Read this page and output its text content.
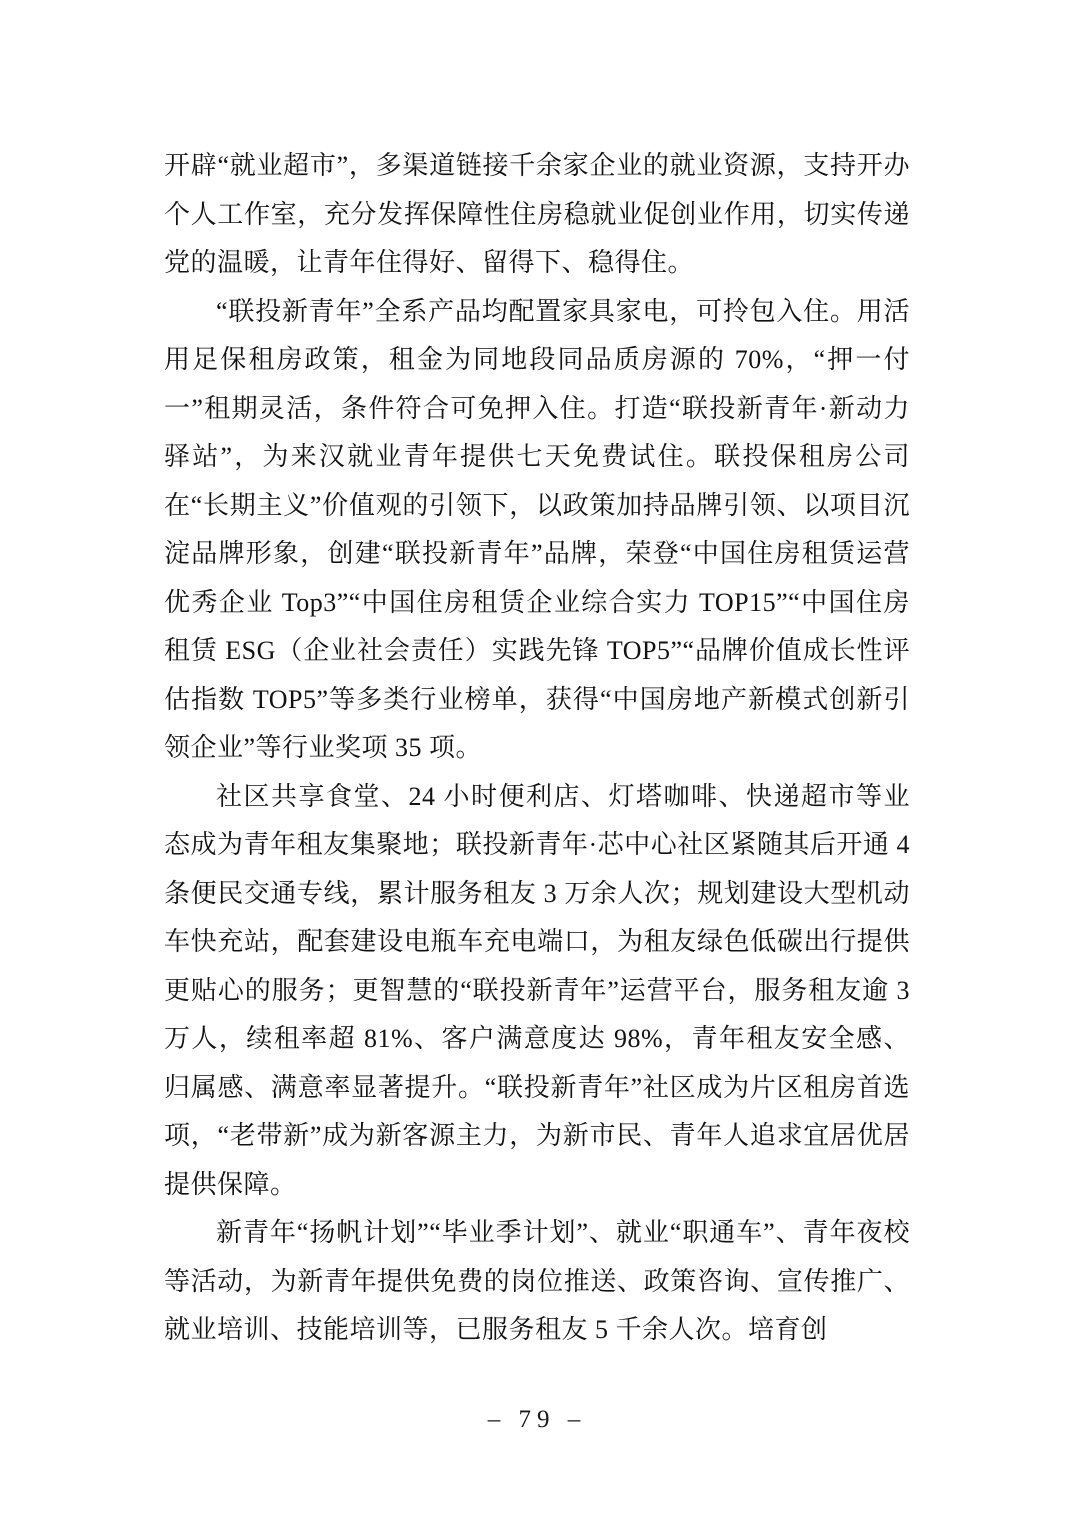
开辟“就业超市”，多渠道链接千余家企业的就业资源，支持开办个人工作室，充分发挥保障性住房稳就业促创业作用，切实传递党的温暖，让青年住得好、留得下、稳得住。

“联投新青年”全系产品均配置家具家电，可拎包入住。用活用足保租房政策，租金为同地段同品质房源的 70%，“押一付一”租期灵活，条件符合可免押入住。打造“联投新青年·新动力驿站”，为来汉就业青年提供七天免费试住。联投保租房公司在“长期主义”价值观的引领下，以政策加持品牌引领、以项目沉淀品牌形象，创建“联投新青年”品牌，荣登“中国住房租赁运营优秀企业 Top3”“中国住房租赁企业综合实力 TOP15”“中国住房租赁 ESG（企业社会责任）实践先锋 TOP5”“品牌价值成长性评估指数 TOP5”等多类行业榜单，获得“中国房地产新模式创新引领企业”等行业奖项 35 项。

社区共享食堂、24 小时便利店、灯塔咖啡、快递超市等业态成为青年租友集聚地；联投新青年·芯中心社区紧随其后开通 4 条便民交通专线，累计服务租友 3 万余人次；规划建设大型机动车快充站，配套建设电瓶车充电端口，为租友绿色低碳出行提供更贴心的服务；更智慧的“联投新青年”运营平台，服务租友逾 3 万人，续租率超 81%、客户满意度达 98%，青年租友安全感、归属感、满意率显著提升。“联投新青年”社区成为片区租房首选项，“老带新”成为新客源主力，为新市民、青年人追求宜居优居提供保障。

新青年“扬帆计划”“毕业季计划”、就业“职通车”、青年夜校等活动，为新青年提供免费的岗位推送、政策咨询、宣传推广、就业培训、技能培训等，已服务租友 5 千余人次。培育创

– 79 –
